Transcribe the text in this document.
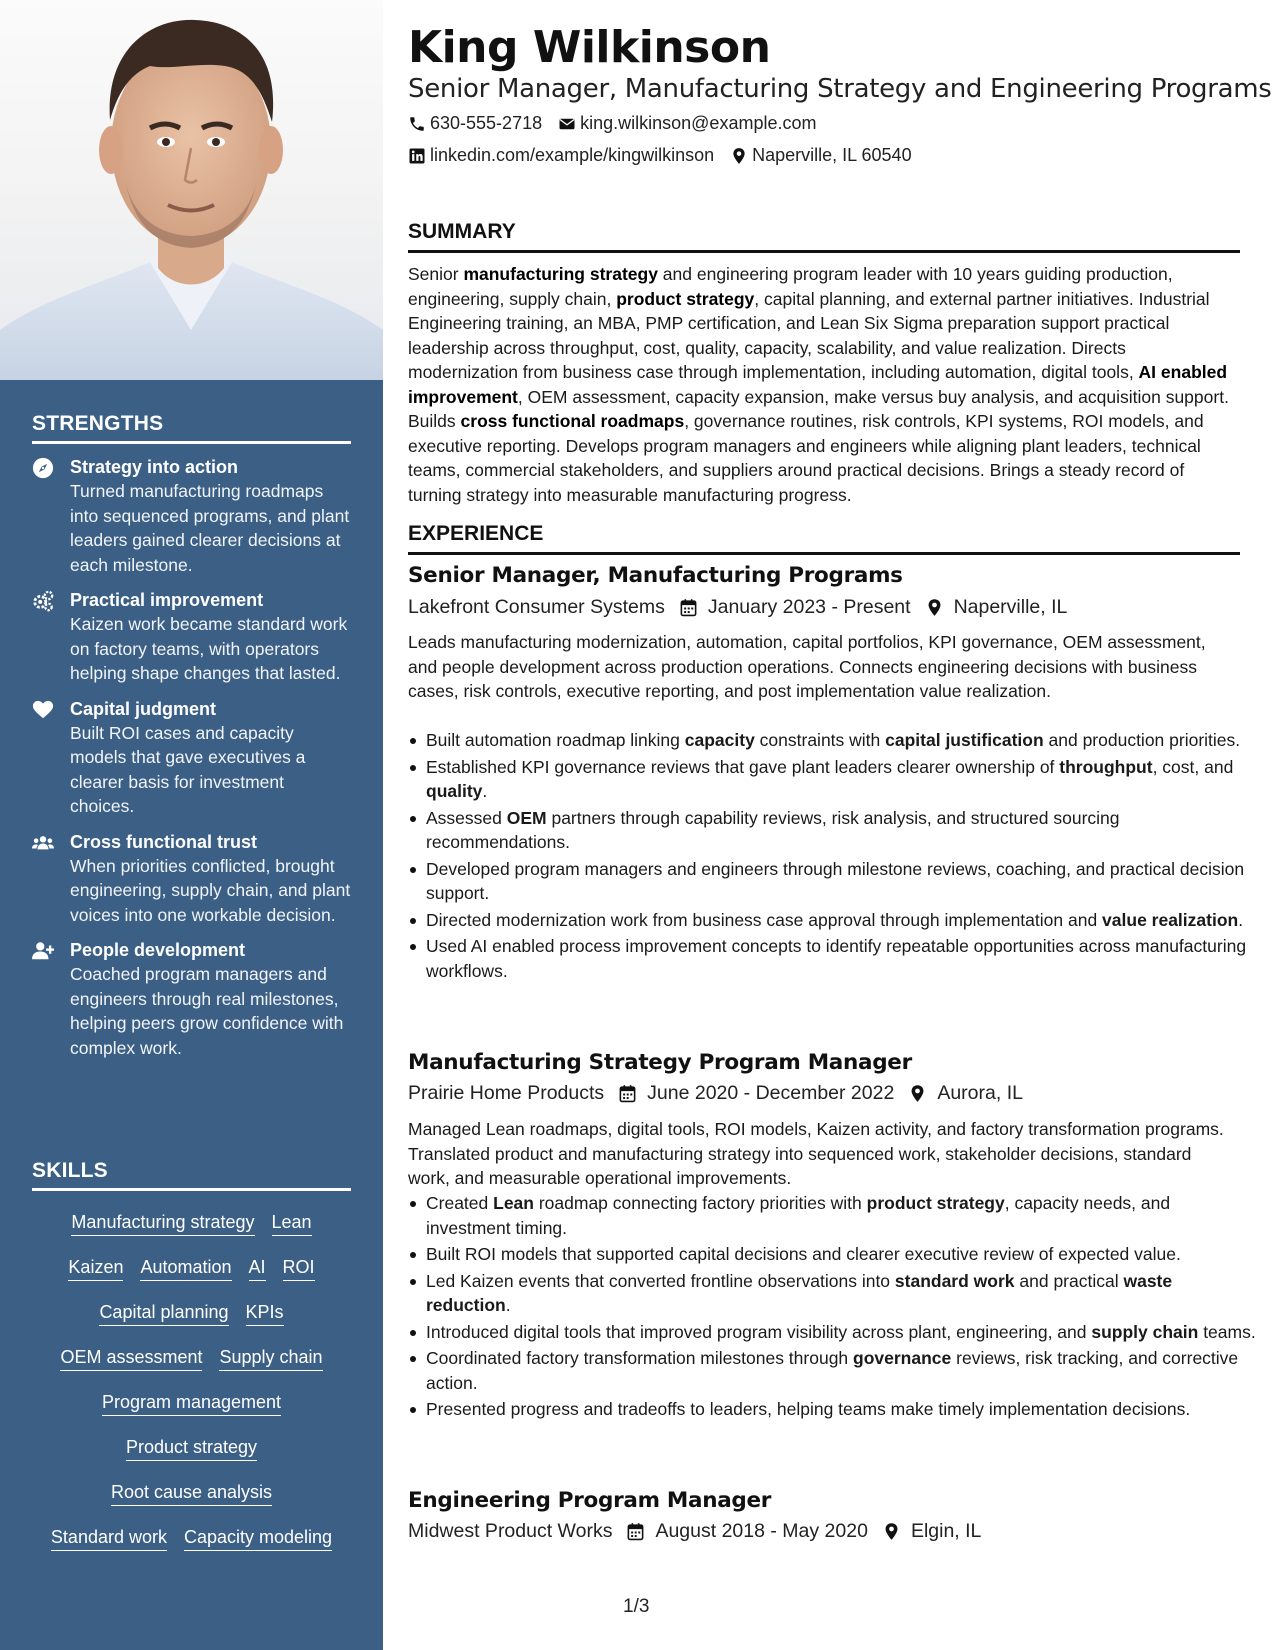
STRENGTHS
Strategy into action
Turned manufacturing roadmaps into sequenced programs, and plant leaders gained clearer decisions at each milestone.
Practical improvement
Kaizen work became standard work on factory teams, with operators helping shape changes that lasted.
Capital judgment
Built ROI cases and capacity models that gave executives a clearer basis for investment choices.
Cross functional trust
When priorities conflicted, brought engineering, supply chain, and plant voices into one workable decision.
People development
Coached program managers and engineers through real milestones, helping peers grow confidence with complex work.
SKILLS
Manufacturing strategy Lean
Kaizen Automation AI ROI
Capital planning KPIs
OEM assessment Supply chain
Program management
Product strategy
Root cause analysis
Standard work Capacity modeling
King Wilkinson
Senior Manager, Manufacturing Strategy and Engineering Programs
630-555-2718 king.wilkinson@example.com
linkedin.com/example/kingwilkinson Naperville, IL 60540
SUMMARY
Senior manufacturing strategy and engineering program leader with 10 years guiding production, engineering, supply chain, product strategy, capital planning, and external partner initiatives. Industrial Engineering training, an MBA, PMP certification, and Lean Six Sigma preparation support practical leadership across throughput, cost, quality, capacity, scalability, and value realization. Directs modernization from business case through implementation, including automation, digital tools, AI enabled improvement, OEM assessment, capacity expansion, make versus buy analysis, and acquisition support. Builds cross functional roadmaps, governance routines, risk controls, KPI systems, ROI models, and executive reporting. Develops program managers and engineers while aligning plant leaders, technical teams, commercial stakeholders, and suppliers around practical decisions. Brings a steady record of turning strategy into measurable manufacturing progress.
EXPERIENCE
Senior Manager, Manufacturing Programs
Lakefront Consumer Systems January 2023 - Present Naperville, IL
Leads manufacturing modernization, automation, capital portfolios, KPI governance, OEM assessment, and people development across production operations. Connects engineering decisions with business cases, risk controls, executive reporting, and post implementation value realization.
Built automation roadmap linking capacity constraints with capital justification and production priorities.
Established KPI governance reviews that gave plant leaders clearer ownership of throughput, cost, and quality.
Assessed OEM partners through capability reviews, risk analysis, and structured sourcing recommendations.
Developed program managers and engineers through milestone reviews, coaching, and practical decision support.
Directed modernization work from business case approval through implementation and value realization.
Used AI enabled process improvement concepts to identify repeatable opportunities across manufacturing workflows.
Manufacturing Strategy Program Manager
Prairie Home Products June 2020 - December 2022 Aurora, IL
Managed Lean roadmaps, digital tools, ROI models, Kaizen activity, and factory transformation programs. Translated product and manufacturing strategy into sequenced work, stakeholder decisions, standard work, and measurable operational improvements.
Created Lean roadmap connecting factory priorities with product strategy, capacity needs, and investment timing.
Built ROI models that supported capital decisions and clearer executive review of expected value.
Led Kaizen events that converted frontline observations into standard work and practical waste reduction.
Introduced digital tools that improved program visibility across plant, engineering, and supply chain teams.
Coordinated factory transformation milestones through governance reviews, risk tracking, and corrective action.
Presented progress and tradeoffs to leaders, helping teams make timely implementation decisions.
Engineering Program Manager
Midwest Product Works August 2018 - May 2020 Elgin, IL
1/3
